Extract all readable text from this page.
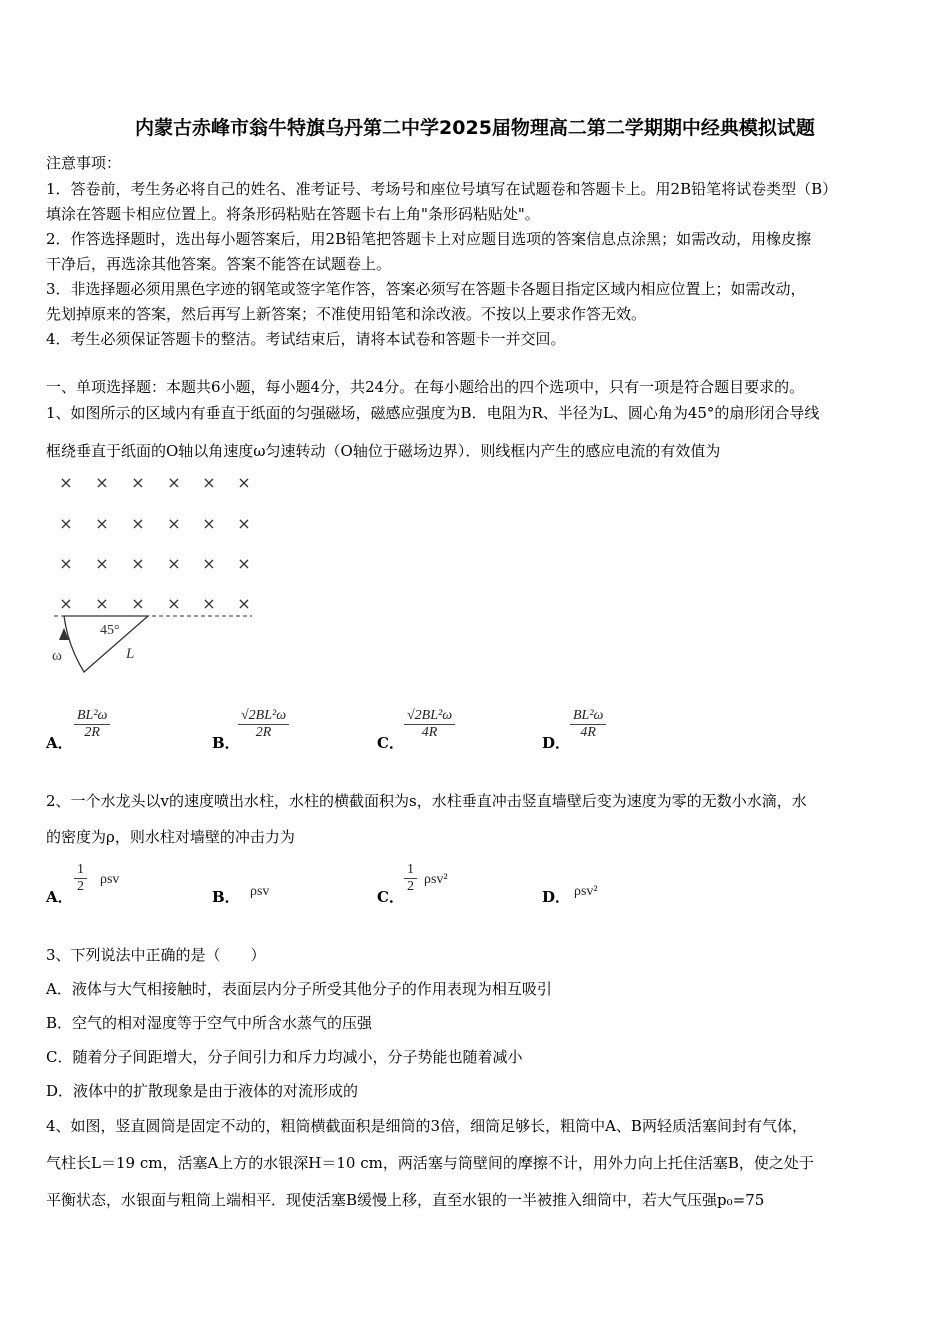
内蒙古赤峰市翁牛特旗乌丹第二中学2025届物理高二第二学期期中经典模拟试题
注意事项：
1．答卷前，考生务必将自己的姓名、准考证号、考场号和座位号填写在试题卷和答题卡上。用2B铅笔将试卷类型（B）
填涂在答题卡相应位置上。将条形码粘贴在答题卡右上角"条形码粘贴处"。
2．作答选择题时，选出每小题答案后，用2B铅笔把答题卡上对应题目选项的答案信息点涂黑；如需改动，用橡皮擦
干净后，再选涂其他答案。答案不能答在试题卷上。
3．非选择题必须用黑色字迹的钢笔或签字笔作答，答案必须写在答题卡各题目指定区域内相应位置上；如需改动，
先划掉原来的答案，然后再写上新答案；不准使用铅笔和涂改液。不按以上要求作答无效。
4．考生必须保证答题卡的整洁。考试结束后，请将本试卷和答题卡一并交回。
一、单项选择题：本题共6小题，每小题4分，共24分。在每小题给出的四个选项中，只有一项是符合题目要求的。
1、如图所示的区域内有垂直于纸面的匀强磁场，磁感应强度为B．电阻为R、半径为L、圆心角为45°的扇形闭合导线
框绕垂直于纸面的O轴以角速度ω匀速转动（O轴位于磁场边界）．则线框内产生的感应电流的有效值为
× × × × × ×
× × × × × ×
× × × × × ×
× × × × × ×
45°
L
ω
A．
$\frac{\text{BL²ω}}{2R}$
B．
$\frac{\text{√2BL²ω}}{2R}$
C．
$\frac{\text{√2BL²ω}}{4R}$
D．
$\frac{\text{BL²ω}}{4R}$
2、一个水龙头以v的速度喷出水柱，水柱的横截面积为s，水柱垂直冲击竖直墙壁后变为速度为零的无数小水滴，水
的密度为ρ，则水柱对墙壁的冲击力为
A．
$\frac{1}{2}$ ρsv
B． ρsv	C．
$\frac{1}{2} \rho sv^2$
D． ρsv²
3、下列说法中正确的是（　　）
A．液体与大气相接触时，表面层内分子所受其他分子的作用表现为相互吸引
B．空气的相对湿度等于空气中所含水蒸气的压强
C．随着分子间距增大，分子间引力和斥力均减小，分子势能也随着减小
D．液体中的扩散现象是由于液体的对流形成的
4、如图，竖直圆筒是固定不动的，粗筒横截面积是细筒的3倍，细筒足够长，粗筒中A、B两轻质活塞间封有气体，
气柱长L＝19 cm，活塞A上方的水银深H＝10 cm，两活塞与筒壁间的摩擦不计，用外力向上托住活塞B，使之处于
平衡状态，水银面与粗筒上端相平．现使活塞B缓慢上移，直至水银的一半被推入细筒中，若大气压强p₀=75
